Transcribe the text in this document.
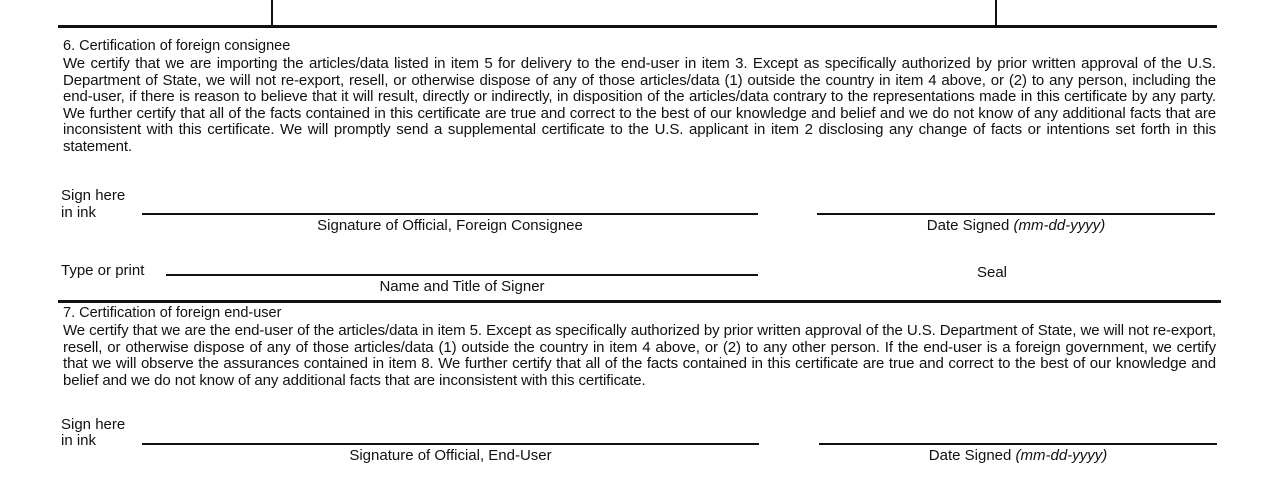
6. Certification of foreign consignee
We certify that we are importing the articles/data listed in item 5 for delivery to the end-user in item 3. Except as specifically authorized by prior written approval of the U.S. Department of State, we will not re-export, resell, or otherwise dispose of any of those articles/data (1) outside the country in item 4 above, or (2) to any person, including the end-user, if there is reason to believe that it will result, directly or indirectly, in disposition of the articles/data contrary to the representations made in this certificate by any party. We further certify that all of the facts contained in this certificate are true and correct to the best of our knowledge and belief and we do not know of any additional facts that are inconsistent with this certificate. We will promptly send a supplemental certificate to the U.S. applicant in item 2 disclosing any change of facts or intentions set forth in this statement.
Sign here
in ink
Signature of Official, Foreign Consignee	Date Signed (mm-dd-yyyy)
Type or print
Name and Title of Signer
Seal
7. Certification of foreign end-user
We certify that we are the end-user of the articles/data in item 5. Except as specifically authorized by prior written approval of the U.S. Department of State, we will not re-export, resell, or otherwise dispose of any of those articles/data (1) outside the country in item 4 above, or (2) to any other person. If the end-user is a foreign government, we certify that we will observe the assurances contained in item 8. We further certify that all of the facts contained in this certificate are true and correct to the best of our knowledge and belief and we do not know of any additional facts that are inconsistent with this certificate.
Sign here
in ink
Signature of Official, End-User	Date Signed (mm-dd-yyyy)
